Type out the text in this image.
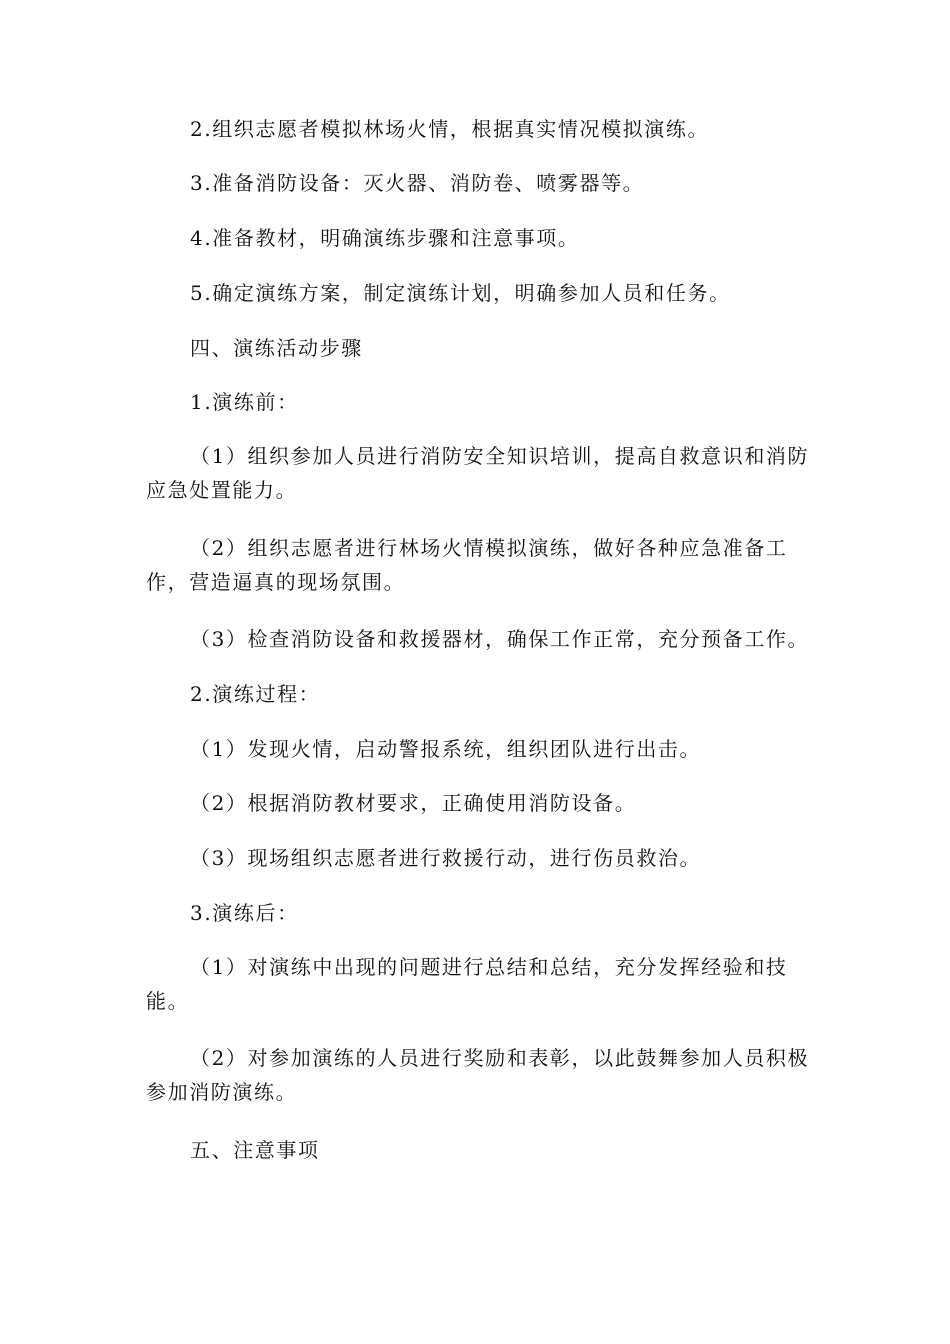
2.组织志愿者模拟林场火情，根据真实情况模拟演练。

3.准备消防设备：灭火器、消防卷、喷雾器等。

4.准备教材，明确演练步骤和注意事项。

5.确定演练方案，制定演练计划，明确参加人员和任务。

四、演练活动步骤

1.演练前：

（1）组织参加人员进行消防安全知识培训，提高自救意识和消防应急处置能力。

（2）组织志愿者进行林场火情模拟演练，做好各种应急准备工作，营造逼真的现场氛围。

（3）检查消防设备和救援器材，确保工作正常，充分预备工作。

2.演练过程：

（1）发现火情，启动警报系统，组织团队进行出击。

（2）根据消防教材要求，正确使用消防设备。

（3）现场组织志愿者进行救援行动，进行伤员救治。

3.演练后：

（1）对演练中出现的问题进行总结和总结，充分发挥经验和技能。

（2）对参加演练的人员进行奖励和表彰，以此鼓舞参加人员积极参加消防演练。

五、注意事项
